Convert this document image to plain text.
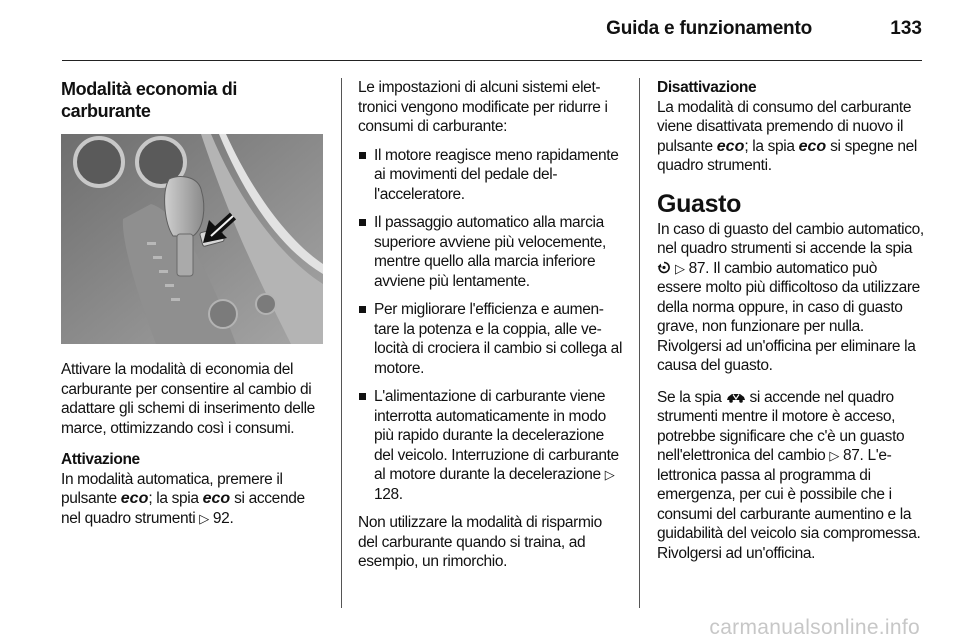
Guida e funzionamento	133
Modalità economia di carburante

Attivare la modalità di economia del carburante per consentire al cambio di adattare gli schemi di inserimento delle marce, ottimizzando così i consumi.

Attivazione

In modalità automatica, premere il pulsante eco; la spia eco si accende nel quadro strumenti ▷ 92.

Le impostazioni di alcuni sistemi elettronici vengono modificate per ridurre i consumi di carburante:

Il motore reagisce meno rapidamente ai movimenti del pedale dell'acceleratore.
Il passaggio automatico alla marcia superiore avviene più velocemente, mentre quello alla marcia inferiore avviene più lentamente.
Per migliorare l'efficienza e aumentare la potenza e la coppia, alle velocità di crociera il cambio si collega al motore.
L'alimentazione di carburante viene interrotta automaticamente in modo più rapido durante la decelerazione del veicolo. Interruzione di carburante al motore durante la decelerazione ▷ 128.

Non utilizzare la modalità di risparmio del carburante quando si traina, ad esempio, un rimorchio.

Disattivazione

La modalità di consumo del carburante viene disattivata premendo di nuovo il pulsante eco; la spia eco si spegne nel quadro strumenti.

Guasto

In caso di guasto del cambio automatico, nel quadro strumenti si accende la spia  ▷ 87. Il cambio automatico può essere molto più difficoltoso da utilizzare della norma oppure, in caso di guasto grave, non funzionare per nulla. Rivolgersi ad un'officina per eliminare la causa del guasto.

Se la spia si accende nel quadro strumenti mentre il motore è acceso, potrebbe significare che c'è un guasto nell'elettronica del cambio ▷ 87. L'elettronica passa al programma di emergenza, per cui è possibile che i consumi del carburante aumentino e la guidabilità del veicolo sia compromessa. Rivolgersi ad un'officina.

carmanualsonline.info
